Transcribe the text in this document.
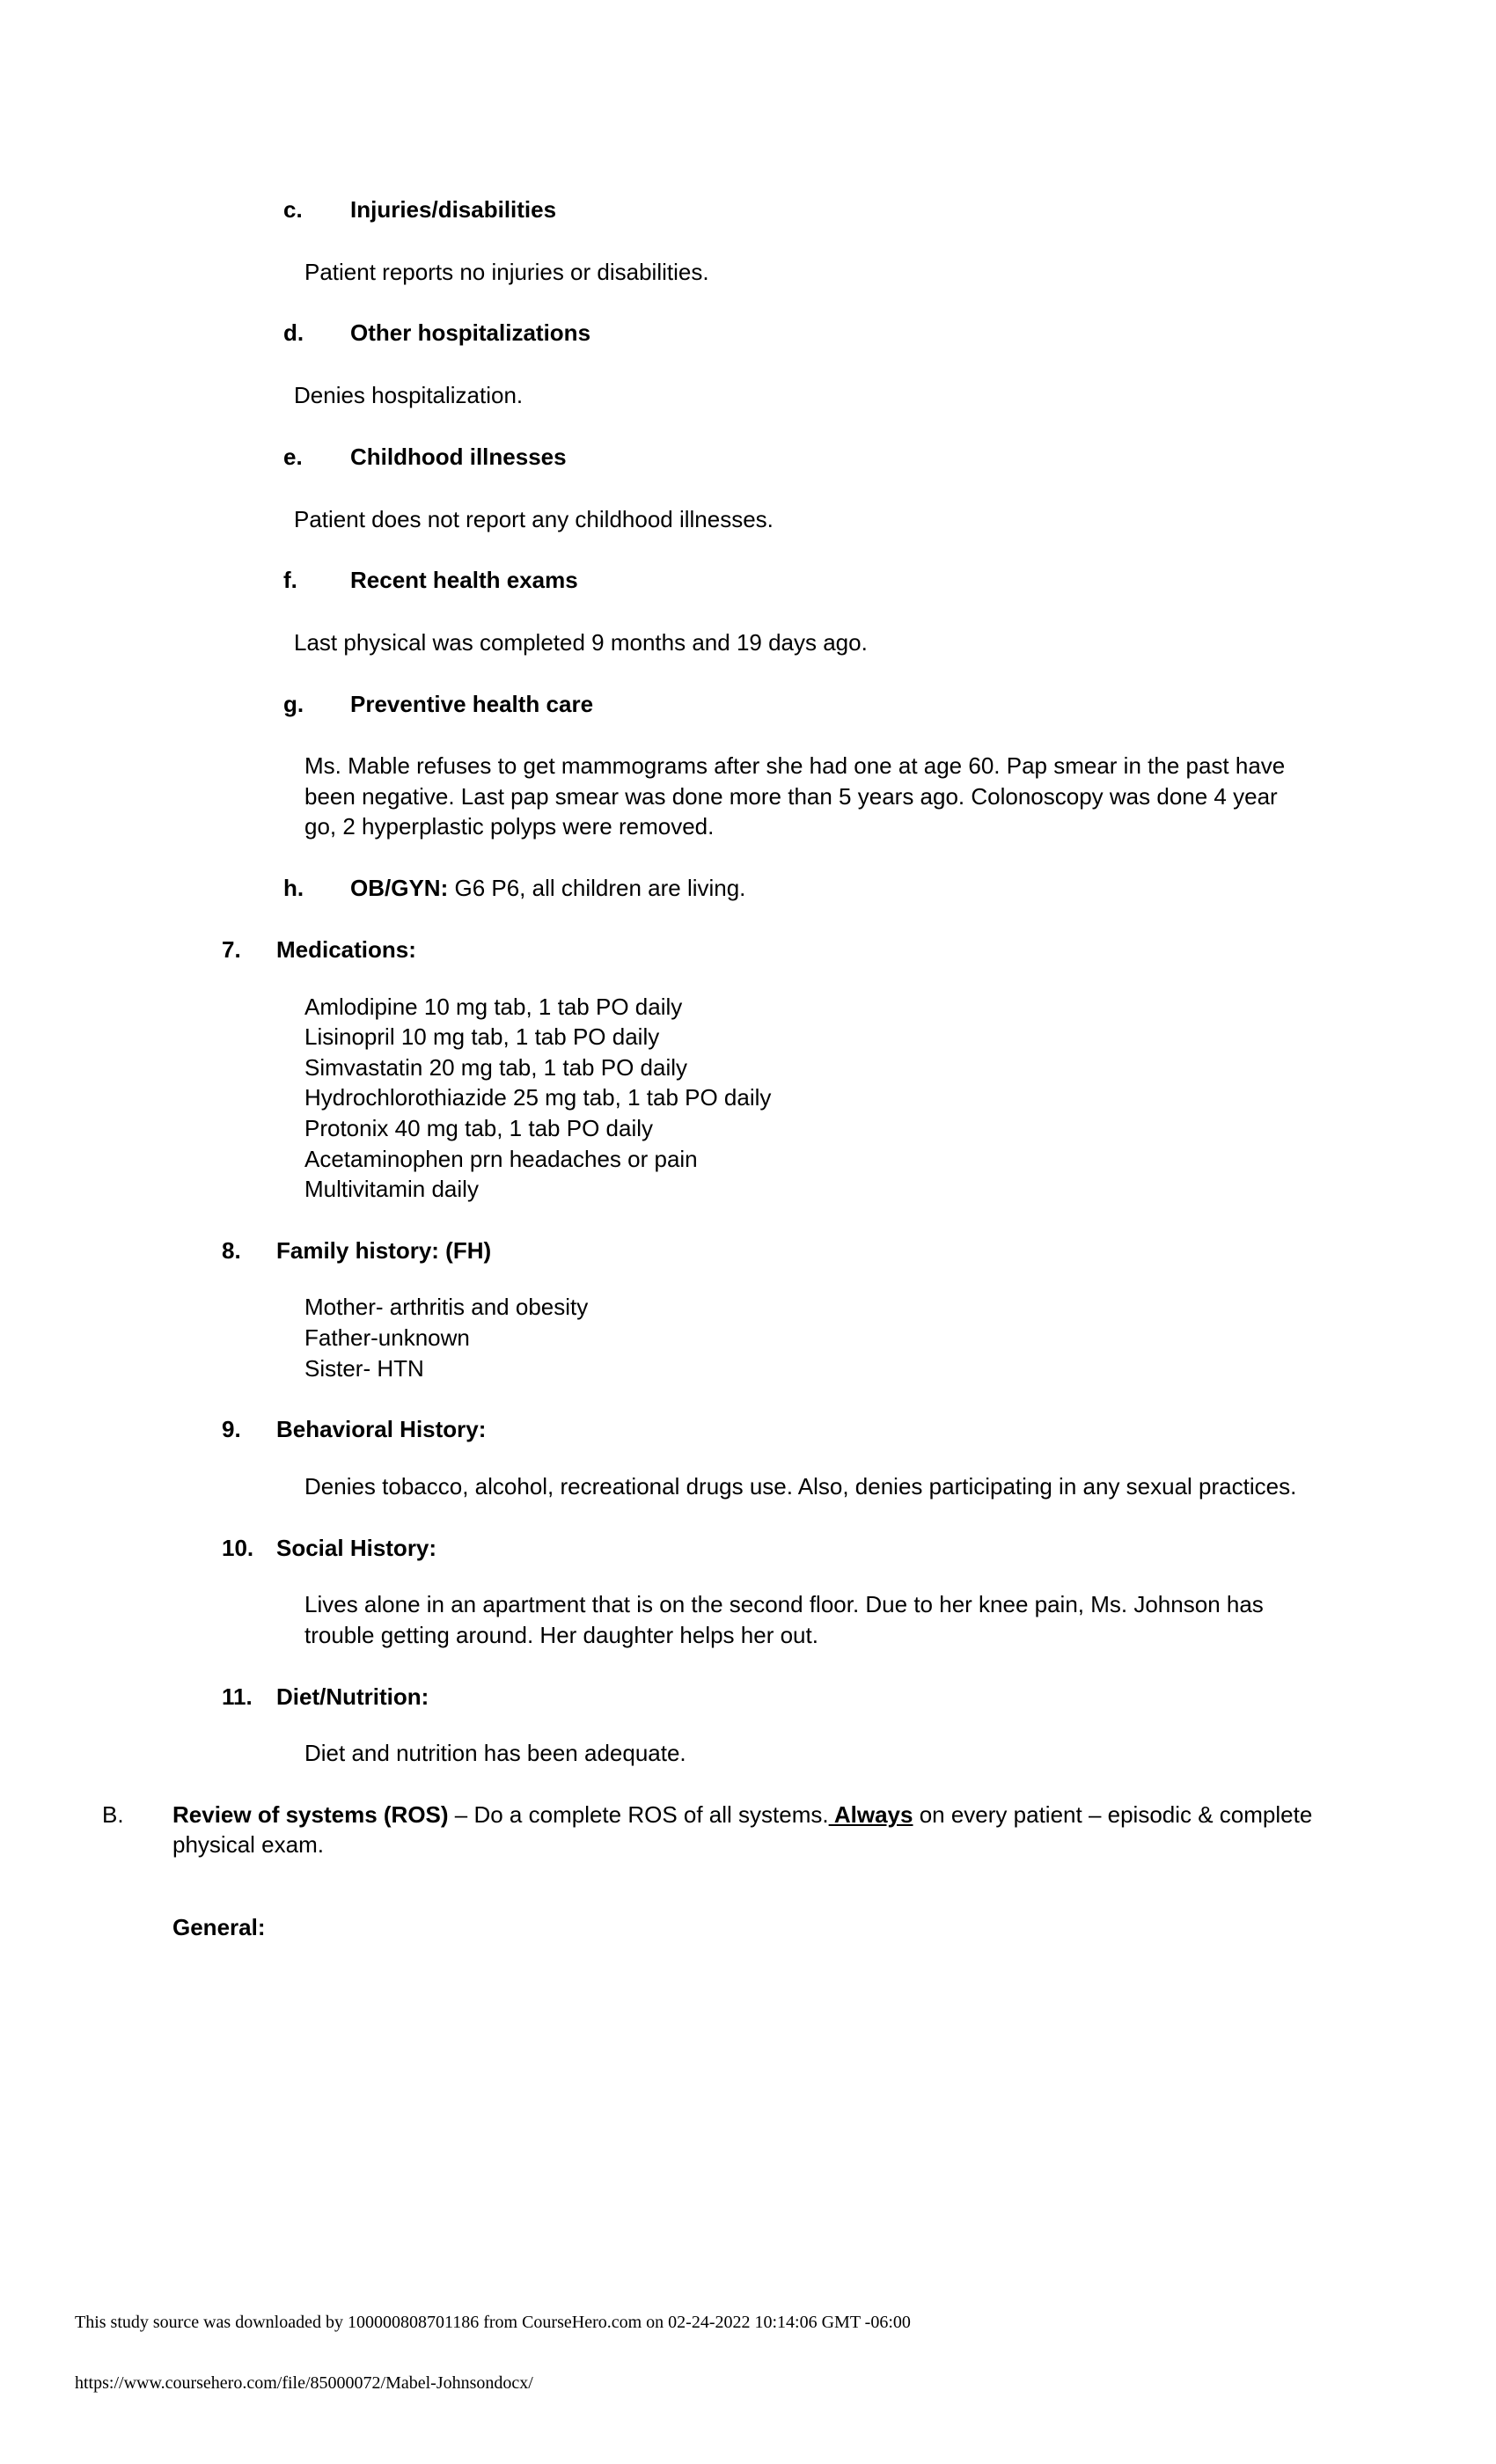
c.	Injuries/disabilities
Patient reports no injuries or disabilities.
d.	Other hospitalizations
Denies hospitalization.
e.	Childhood illnesses
Patient does not report any childhood illnesses.
f.	Recent health exams
Last physical was completed 9 months and 19 days ago.
g.	Preventive health care
Ms. Mable refuses to get mammograms after she had one at age 60. Pap smear in the past have been negative. Last pap smear was done more than 5 years ago. Colonoscopy was done 4 year go, 2 hyperplastic polyps were removed.
h.	OB/GYN: G6 P6, all children are living.
7.	Medications:
Amlodipine 10 mg tab, 1 tab PO daily
Lisinopril 10 mg tab, 1 tab PO daily
Simvastatin 20 mg tab, 1 tab PO daily
Hydrochlorothiazide 25 mg tab, 1 tab PO daily
Protonix 40 mg tab, 1 tab PO daily
Acetaminophen prn headaches or pain
Multivitamin daily
8.	Family history: (FH)
Mother- arthritis and obesity
Father-unknown
Sister- HTN
9.	Behavioral History:
Denies tobacco, alcohol, recreational drugs use. Also, denies participating in any sexual practices.
10. Social History:
Lives alone in an apartment that is on the second floor. Due to her knee pain, Ms. Johnson has trouble getting around. Her daughter helps her out.
11.	Diet/Nutrition:
Diet and nutrition has been adequate.
B.	Review of systems (ROS) – Do a complete ROS of all systems. Always on every patient – episodic & complete physical exam.
General:
This study source was downloaded by 100000808701186 from CourseHero.com on 02-24-2022 10:14:06 GMT -06:00
https://www.coursehero.com/file/85000072/Mabel-Johnsondocx/
